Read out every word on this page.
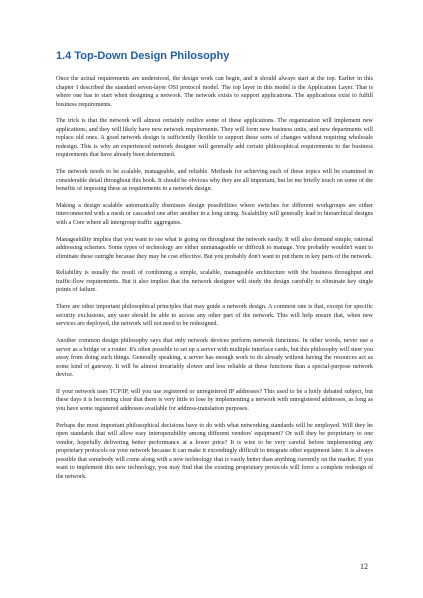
1.4 Top-Down Design Philosophy

Once the actual requirements are understood, the design work can begin, and it should always start at the top. Earlier in this chapter I described the standard seven-layer OSI protocol model. The top layer in this model is the Application Layer. That is where one has to start when designing a network. The network exists to support applications. The applications exist to fulfill business requirements.

The trick is that the network will almost certainly outlive some of these applications. The organization will implement new applications, and they will likely have new network requirements. They will form new business units, and new departments will replace old ones. A good network design is sufficiently flexible to support these sorts of changes without requiring wholesale redesign. This is why an experienced network designer will generally add certain philosophical requirements to the business requirements that have already been determined.

The network needs to be scalable, manageable, and reliable. Methods for achieving each of these topics will be examined in considerable detail throughout this book. It should be obvious why they are all important, but let me briefly touch on some of the benefits of imposing these as requirements in a network design.

Making a design scalable automatically dismisses design possibilities where switches for different workgroups are either interconnected with a mesh or cascaded one after another in a long string. Scalability will generally lead to hierarchical designs with a Core where all intergroup traffic aggregates.

Manageability implies that you want to see what is going on throughout the network easily. It will also demand simple, rational addressing schemes. Some types of technology are either unmanageable or difficult to manage. You probably wouldn't want to eliminate these outright because they may be cost effective. But you probably don't want to put them in key parts of the network.

Reliability is usually the result of combining a simple, scalable, manageable architecture with the business throughput and traffic-flow requirements. But it also implies that the network designer will study the design carefully to eliminate key single points of failure.

There are other important philosophical principles that may guide a network design. A common one is that, except for specific security exclusions, any user should be able to access any other part of the network. This will help ensure that, when new services are deployed, the network will not need to be redesigned.

Another common design philosophy says that only network devices perform network functions. In other words, never use a server as a bridge or a router. It's often possible to set up a server with multiple interface cards, but this philosophy will steer you away from doing such things. Generally speaking, a server has enough work to do already without having the resources act as some kind of gateway. It will be almost invariably slower and less reliable at these functions than a special-purpose network device.

If your network uses TCP/IP, will you use registered or unregistered IP addresses? This used to be a hotly debated subject, but these days it is becoming clear that there is very little to lose by implementing a network with unregistered addresses, as long as you have some registered addresses available for address-translation purposes.

Perhaps the most important philosophical decisions have to do with what networking standards will be employed. Will they be open standards that will allow easy interoperability among different vendors' equipment? Or will they be proprietary to one vendor, hopefully delivering better performance at a lower price? It is wise to be very careful before implementing any proprietary protocols on your network because it can make it exceedingly difficult to integrate other equipment later. It is always possible that somebody will come along with a new technology that is vastly better than anything currently on the market. If you want to implement this new technology, you may find that the existing proprietary protocols will force a complete redesign of the network.

12
